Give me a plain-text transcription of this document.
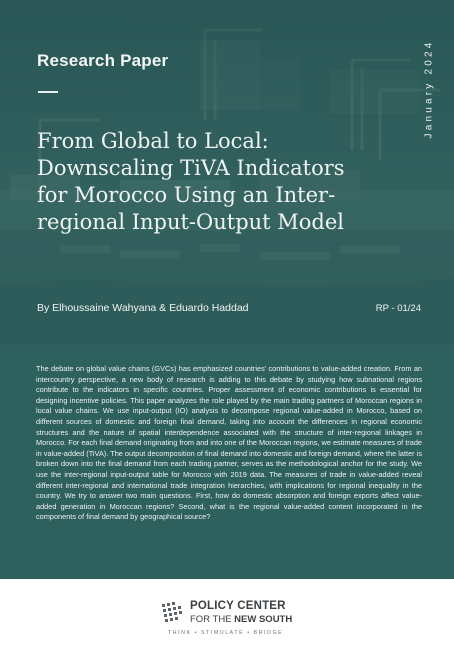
Research Paper	January 2024
From Global to Local: Downscaling TiVA Indicators for Morocco Using an Inter-regional Input-Output Model
By Elhoussaine Wahyana & Eduardo Haddad	RP - 01/24

The debate on global value chains (GVCs) has emphasized countries’ contributions to value-added creation. From an intercountry perspective, a new body of research is adding to this debate by studying how subnational regions contribute to the indicators in specific countries. Proper assessment of economic contributions is essential for designing incentive policies. This paper analyzes the role played by the main trading partners of Moroccan regions in local value chains. We use input-output (IO) analysis to decompose regional value-added in Morocco, based on different sources of domestic and foreign final demand, taking into account the differences in regional economic structures and the nature of spatial interdependence associated with the structure of inter-regional linkages in Morocco. For each final demand originating from and into one of the Moroccan regions, we estimate measures of trade in value-added (TiVA). The output decomposition of final demand into domestic and foreign demand, where the latter is broken down into the final demand from each trading partner, serves as the methodological anchor for the study. We use the inter-regional input-output table for Morocco with 2019 data. The measures of trade in value-added reveal different inter-regional and international trade integration hierarchies, with implications for regional inequality in the country. We try to answer two main questions. First, how do domestic absorption and foreign exports affect value-added generation in Moroccan regions? Second, what is the regional value-added content incorporated in the components of final demand by geographical source?

POLICY CENTER
FOR THE NEW SOUTH
THINK • STIMULATE • BRIDGE
